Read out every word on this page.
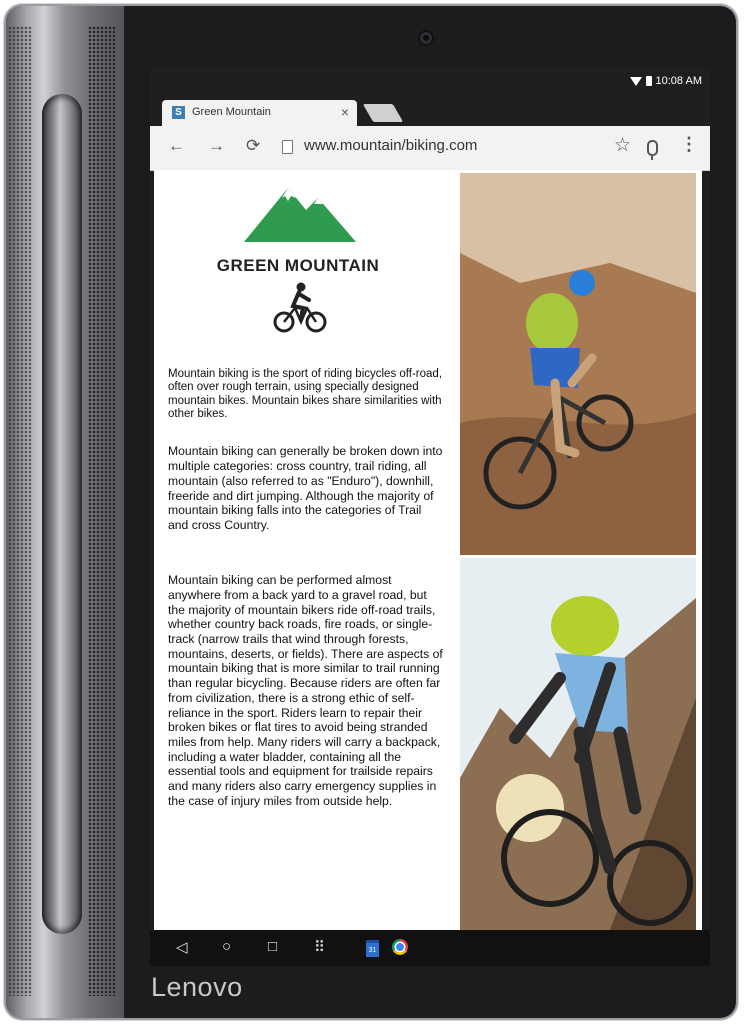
Lenovo
10:08 AM
S Green Mountain	×
← → ⟳	www.mountain/biking.com	☆	⋮
GREEN MOUNTAIN

Mountain biking is the sport of riding bicycles off-road, often over rough terrain, using specially designed mountain bikes. Mountain bikes share similarities with other bikes.

Mountain biking can generally be broken down into multiple categories: cross country, trail riding, all mountain (also referred to as "Enduro"), downhill, freeride and dirt jumping. Although the majority of mountain biking falls into the categories of Trail and cross Country.

Mountain biking can be performed almost anywhere from a back yard to a gravel road, but the majority of mountain bikers ride off-road trails, whether country back roads, fire roads, or single-track (narrow trails that wind through forests, mountains, deserts, or fields). There are aspects of mountain biking that is more similar to trail running than regular bicycling. Because riders are often far from civilization, there is a strong ethic of self-reliance in the sport. Riders learn to repair their broken bikes or flat tires to avoid being stranded miles from help. Many riders will carry a backpack, including a water bladder, containing all the essential tools and equipment for trailside repairs and many riders also carry emergency supplies in the case of injury miles from outside help.

◁ ○ □ ⠿	31
